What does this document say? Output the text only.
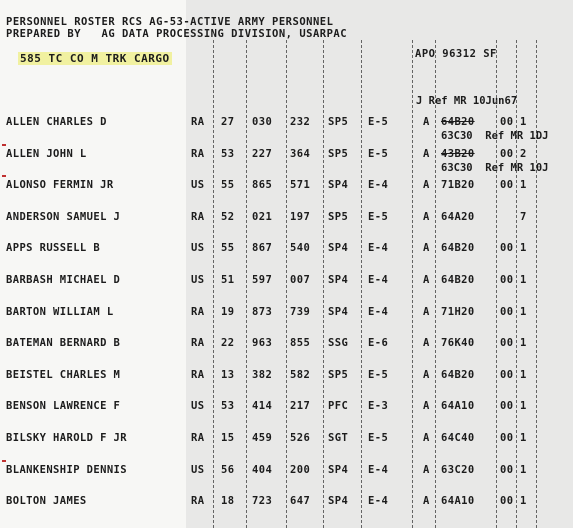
PERSONNEL ROSTER RCS AG-53-ACTIVE ARMY PERSONNEL
PREPARED BY   AG DATA PROCESSING DIVISION, USARPAC
585 TC CO M TRK CARGO	APO 96312 SF
J Ref MR 10Jun67
ALLEN CHARLES D	RA 27 030 232 SP5 E-5	A 64B20 00 1
63C30  Ref MR 1DJ
ALLEN JOHN L	RA 53 227 364 SP5 E-5	A 43B20 00 2
63C30  Ref MR 10J
ALONSO FERMIN JR	US 55 865 571 SP4 E-4	A 71B20 00 1
ANDERSON SAMUEL J	RA 52 021 197 SP5 E-5	A 64A20	7
APPS RUSSELL B	US 55 867 540 SP4 E-4	A 64B20 00 1
BARBASH MICHAEL D	US 51 597 007 SP4 E-4	A 64B20 00 1
BARTON WILLIAM L	RA 19 873 739 SP4 E-4	A 71H20 00 1
BATEMAN BERNARD B	RA 22 963 855 SSG E-6	A 76K40 00 1
BEISTEL CHARLES M	RA 13 382 582 SP5 E-5	A 64B20 00 1
BENSON LAWRENCE F	US 53 414 217 PFC E-3	A 64A10 00 1
BILSKY HAROLD F JR	RA 15 459 526 SGT E-5	A 64C40 00 1
BLANKENSHIP DENNIS	US 56 404 200 SP4 E-4	A 63C20 00 1
BOLTON JAMES	RA 18 723 647 SP4 E-4	A 64A10 00 1
